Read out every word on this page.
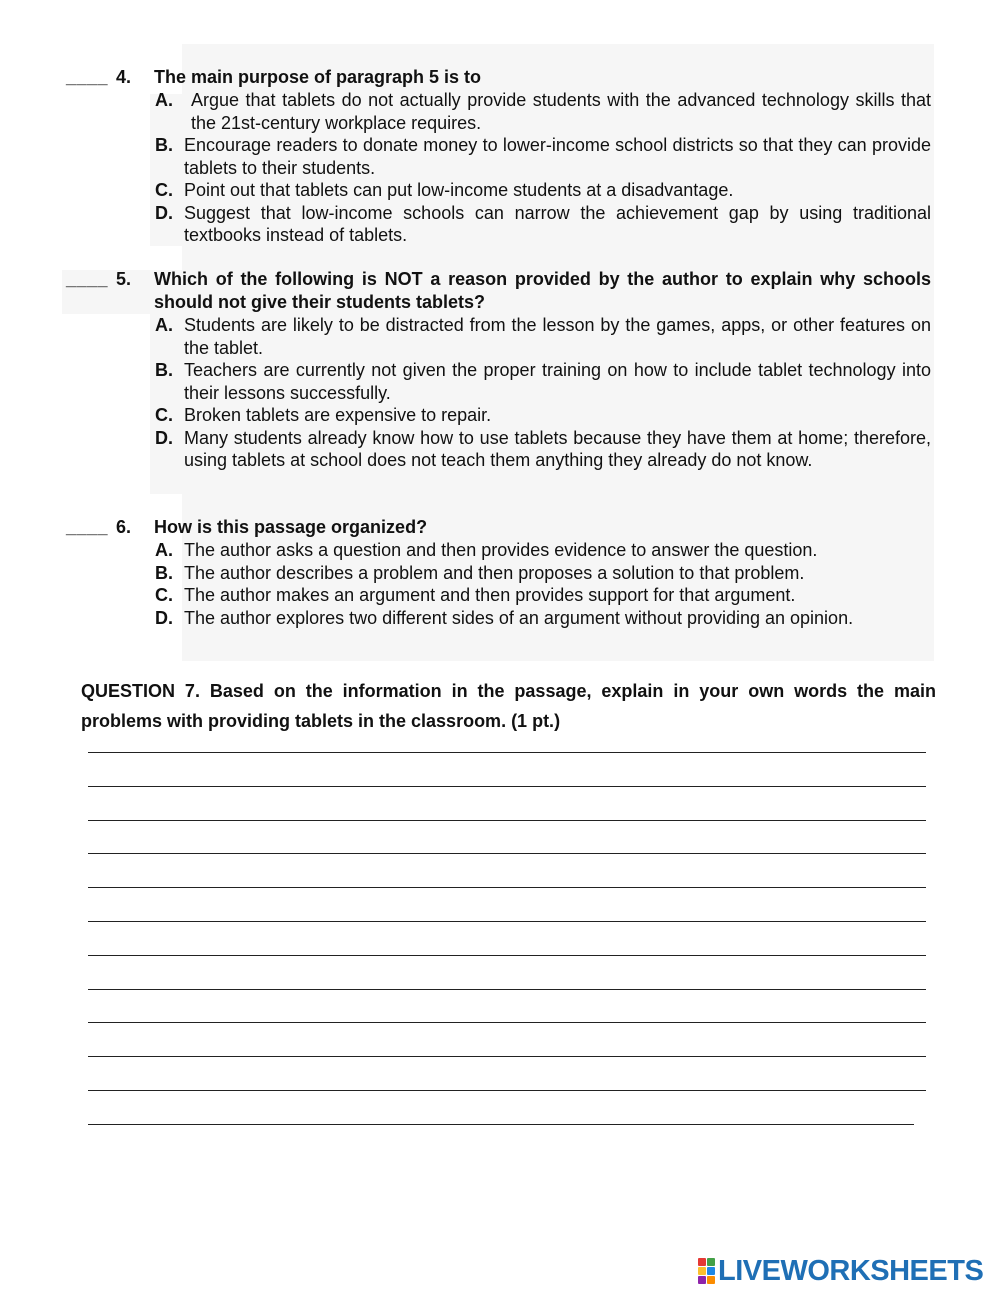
____ 4. The main purpose of paragraph 5 is to
A. Argue that tablets do not actually provide students with the advanced technology skills that the 21st-century workplace requires.
B. Encourage readers to donate money to lower-income school districts so that they can provide tablets to their students.
C. Point out that tablets can put low-income students at a disadvantage.
D. Suggest that low-income schools can narrow the achievement gap by using traditional textbooks instead of tablets.
____ 5. Which of the following is NOT a reason provided by the author to explain why schools should not give their students tablets?
A. Students are likely to be distracted from the lesson by the games, apps, or other features on the tablet.
B. Teachers are currently not given the proper training on how to include tablet technology into their lessons successfully.
C. Broken tablets are expensive to repair.
D. Many students already know how to use tablets because they have them at home; therefore, using tablets at school does not teach them anything they already do not know.
____ 6. How is this passage organized?
A. The author asks a question and then provides evidence to answer the question.
B. The author describes a problem and then proposes a solution to that problem.
C. The author makes an argument and then provides support for that argument.
D. The author explores two different sides of an argument without providing an opinion.
QUESTION 7. Based on the information in the passage, explain in your own words the main problems with providing tablets in the classroom. (1 pt.)
LIVEWORKSHEETS
